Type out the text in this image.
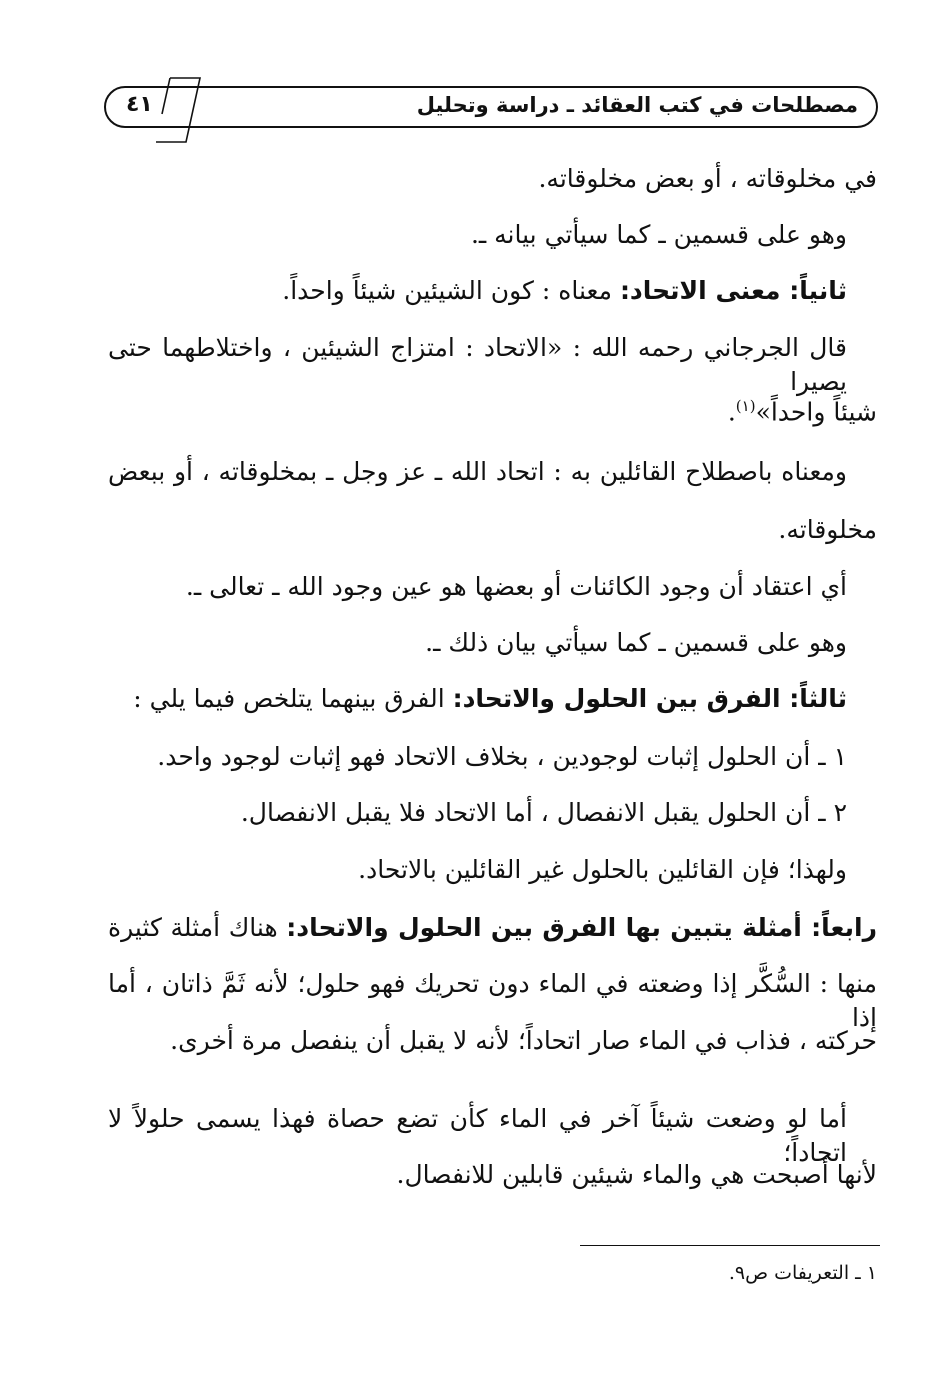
مصطلحات في كتب العقائد ـ دراسة وتحليل
٤١
في مخلوقاته ، أو بعض مخلوقاته.
وهو على قسمين ـ كما سيأتي بيانه ـ.
ثانياً: معنى الاتحاد: معناه : كون الشيئين شيئاً واحداً.
قال الجرجاني رحمه الله : «الاتحاد : امتزاج الشيئين ، واختلاطهما حتى يصيرا
شيئاً واحداً»$^{(١)}$.
ومعناه باصطلاح القائلين به : اتحاد الله ـ عز وجل ـ بمخلوقاته ، أو ببعض
مخلوقاته.
أي اعتقاد أن وجود الكائنات أو بعضها هو عين وجود الله ـ تعالى ـ.
وهو على قسمين ـ كما سيأتي بيان ذلك ـ.
ثالثاً: الفرق بين الحلول والاتحاد: الفرق بينهما يتلخص فيما يلي :
١ ـ أن الحلول إثبات لوجودين ، بخلاف الاتحاد فهو إثبات لوجود واحد.
٢ ـ أن الحلول يقبل الانفصال ، أما الاتحاد فلا يقبل الانفصال.
ولهذا؛ فإن القائلين بالحلول غير القائلين بالاتحاد.
رابعاً: أمثلة يتبين بها الفرق بين الحلول والاتحاد: هناك أمثلة كثيرة
منها : السُّكَّر إذا وضعته في الماء دون تحريك فهو حلول؛ لأنه ثَمَّ ذاتان ، أما إذا
حركته ، فذاب في الماء صار اتحاداً؛ لأنه لا يقبل أن ينفصل مرة أخرى.
أما لو وضعت شيئاً آخر في الماء كأن تضع حصاة فهذا يسمى حلولاً لا اتحاداً؛
لأنها أصبحت هي والماء شيئين قابلين للانفصال.
١ ـ التعريفات ص٩.
